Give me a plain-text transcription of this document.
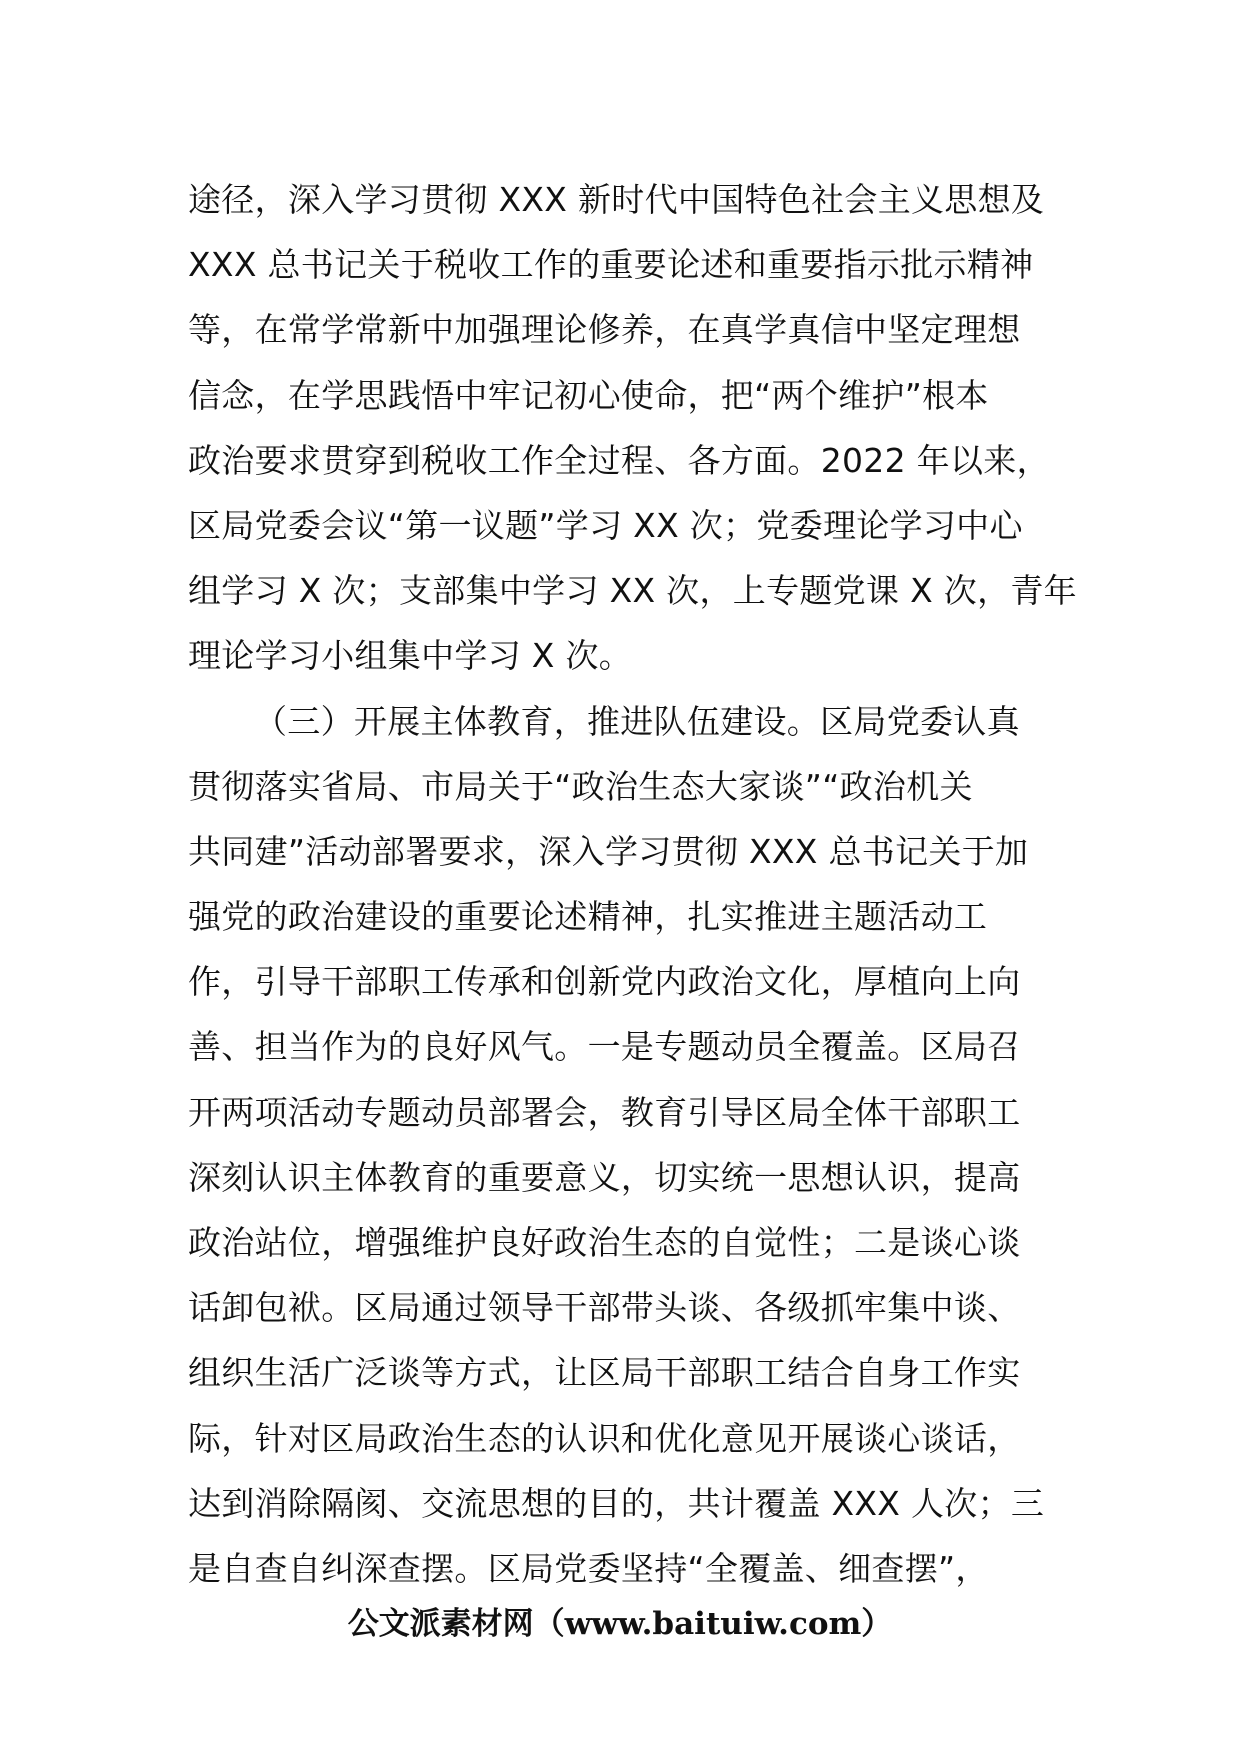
途径，深入学习贯彻 XXX 新时代中国特色社会主义思想及
XXX 总书记关于税收工作的重要论述和重要指示批示精神
等，在常学常新中加强理论修养，在真学真信中坚定理想
信念，在学思践悟中牢记初心使命，把“两个维护”根本
政治要求贯穿到税收工作全过程、各方面。2022 年以来，
区局党委会议“第一议题”学习 XX 次；党委理论学习中心
组学习 X 次；支部集中学习 XX 次，上专题党课 X 次，青年
理论学习小组集中学习 X 次。
（三）开展主体教育，推进队伍建设。区局党委认真
贯彻落实省局、市局关于“政治生态大家谈”“政治机关
共同建”活动部署要求，深入学习贯彻 XXX 总书记关于加
强党的政治建设的重要论述精神，扎实推进主题活动工
作，引导干部职工传承和创新党内政治文化，厚植向上向
善、担当作为的良好风气。一是专题动员全覆盖。区局召
开两项活动专题动员部署会，教育引导区局全体干部职工
深刻认识主体教育的重要意义，切实统一思想认识，提高
政治站位，增强维护良好政治生态的自觉性；二是谈心谈
话卸包袱。区局通过领导干部带头谈、各级抓牢集中谈、
组织生活广泛谈等方式，让区局干部职工结合自身工作实
际，针对区局政治生态的认识和优化意见开展谈心谈话，
达到消除隔阂、交流思想的目的，共计覆盖 XXX 人次；三
是自查自纠深查摆。区局党委坚持“全覆盖、细查摆”，
公文派素材网（www.baituiw.com）
